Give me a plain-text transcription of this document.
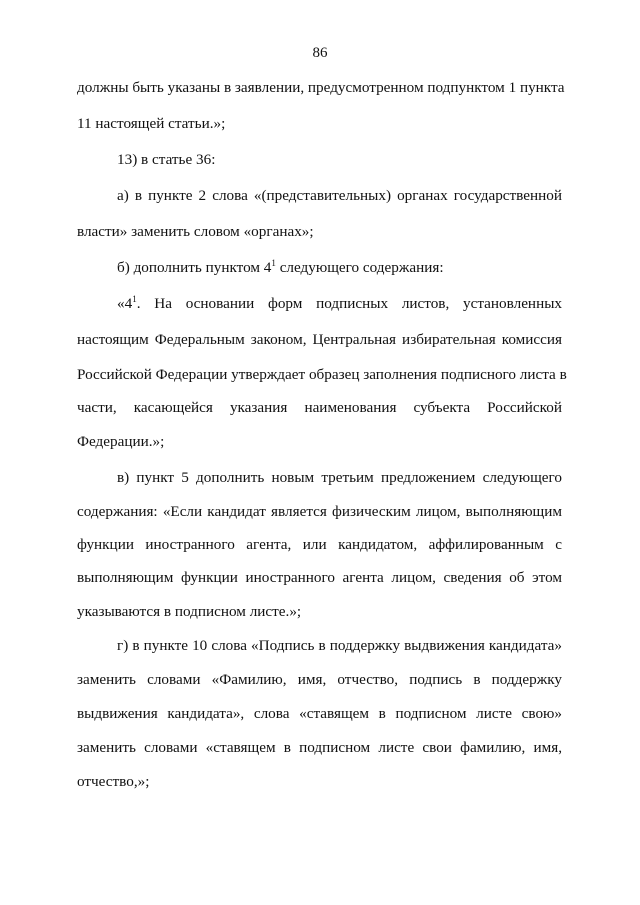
86
должны быть указаны в заявлении, предусмотренном подпунктом 1 пункта
11 настоящей статьи.»;
13) в статье 36:
а) в пункте 2 слова «(представительных) органах государственной
власти» заменить словом «органах»;
б) дополнить пунктом $4^1$ следующего содержания:
«$4^1$ . На основании форм подписных листов, установленных
настоящим Федеральным законом, Центральная избирательная комиссия
Российской Федерации утверждает образец заполнения подписного листа в
части, касающейся указания наименования субъекта Российской
Федерации.»;
в) пункт 5 дополнить новым третьим предложением следующего
содержания: «Если кандидат является физическим лицом, выполняющим
функции иностранного агента, или кандидатом, аффилированным с
выполняющим функции иностранного агента лицом, сведения об этом
указываются в подписном листе.»;
г) в пункте 10 слова «Подпись в поддержку выдвижения кандидата»
заменить словами «Фамилию, имя, отчество, подпись в поддержку
выдвижения кандидата», слова «ставящем в подписном листе свою»
заменить словами «ставящем в подписном листе свои фамилию, имя,
отчество,»;
